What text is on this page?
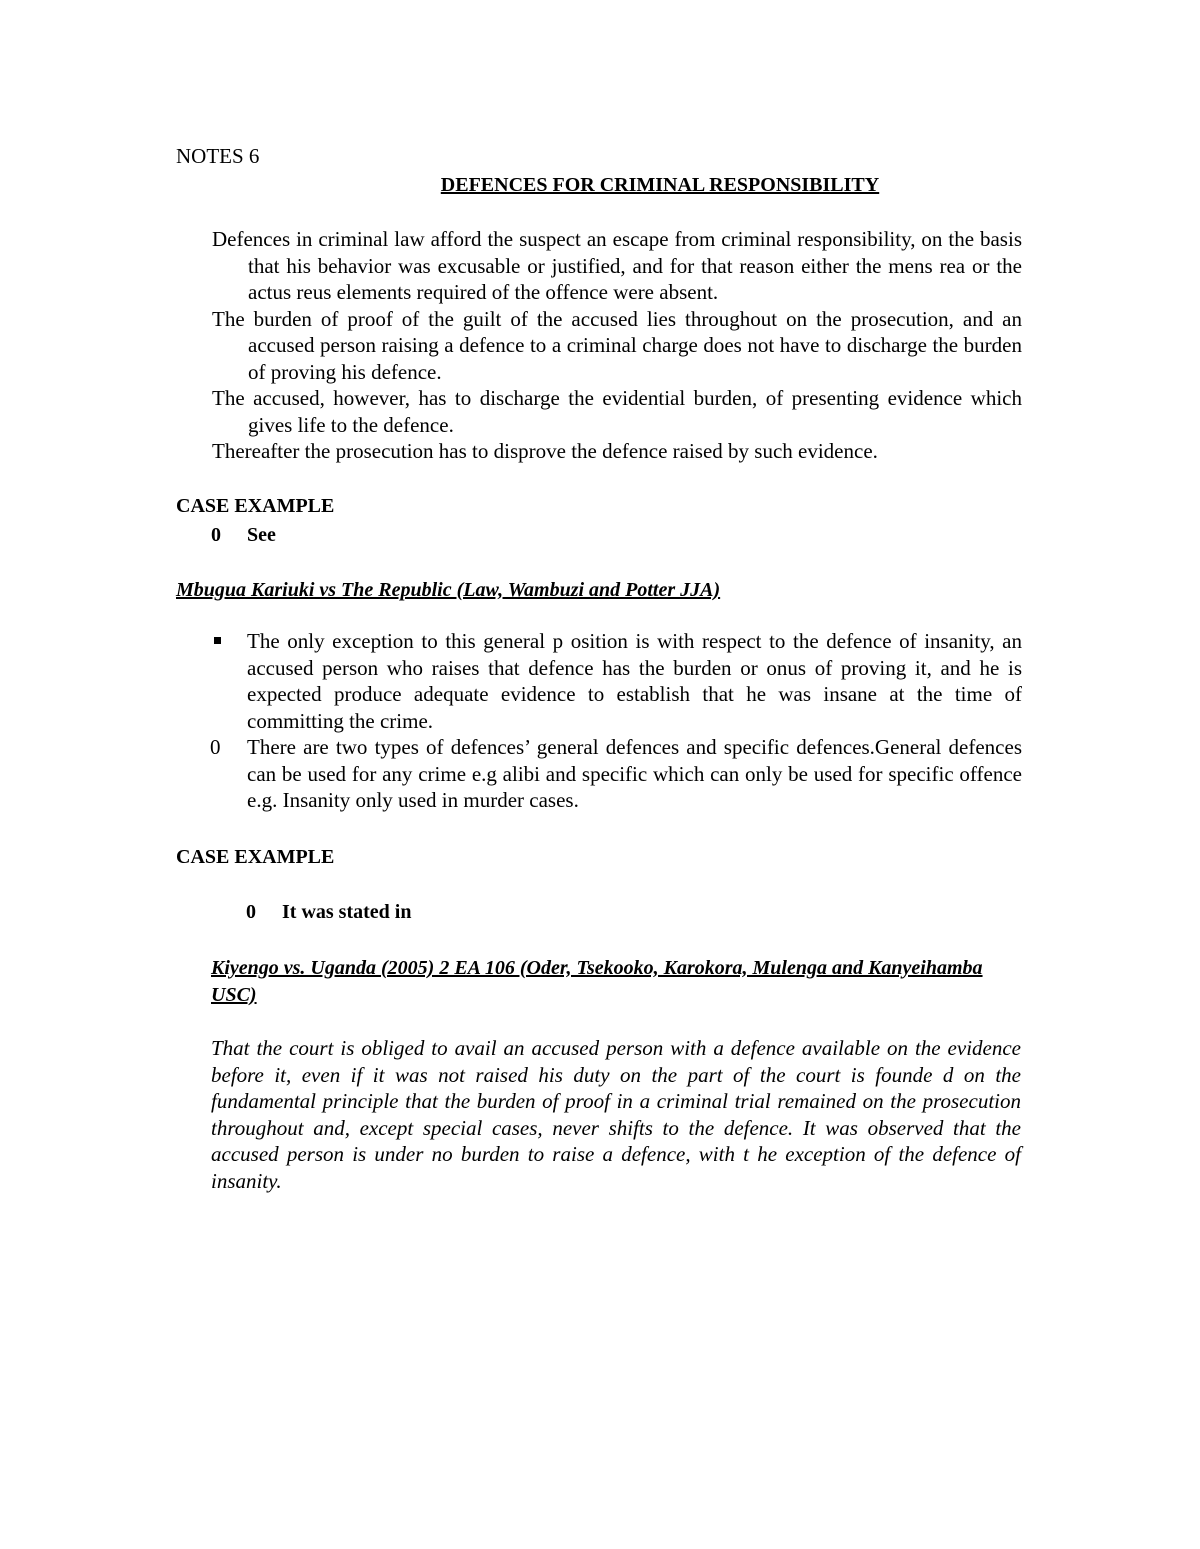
NOTES 6
DEFENCES FOR CRIMINAL RESPONSIBILITY

Defences in criminal law afford the suspect an escape from criminal responsibility, on the basis that his behavior was excusable or justified, and for that reason either the mens rea or the actus reus elements required of the offence were absent.

The burden of proof of the guilt of the accused lies throughout on the prosecution, and an accused person raising a defence to a criminal charge does not have to discharge the burden of proving his defence.

The accused, however, has to discharge the evidential burden, of presenting evidence which gives life to the defence.

Thereafter the prosecution has to disprove the defence raised by such evidence.

CASE EXAMPLE
0 See
Mbugua Kariuki vs The Republic (Law, Wambuzi and Potter JJA)
The only exception to this general p osition is with respect to the defence of insanity, an accused person who raises that defence has the burden or onus of proving it, and he is expected produce adequate evidence to establish that he was insane at the time of committing the crime.
0	There are two types of defences’ general defences and specific defences.General defences can be used for any crime e.g alibi and specific which can only be used for specific offence e.g. Insanity only used in murder cases.
CASE EXAMPLE
0 It was stated in
Kiyengo vs. Uganda (2005) 2 EA 106 (Oder, Tsekooko, Karokora, Mulenga and Kanyeihamba USC)
That the court is obliged to avail an accused person with a defence available on the evidence before it, even if it was not raised his duty on the part of the court is founde d on the fundamental principle that the burden of proof in a criminal trial remained on the prosecution throughout and, except special cases, never shifts to the defence. It was observed that the accused person is under no burden to raise a defence, with t he exception of the defence of insanity.
